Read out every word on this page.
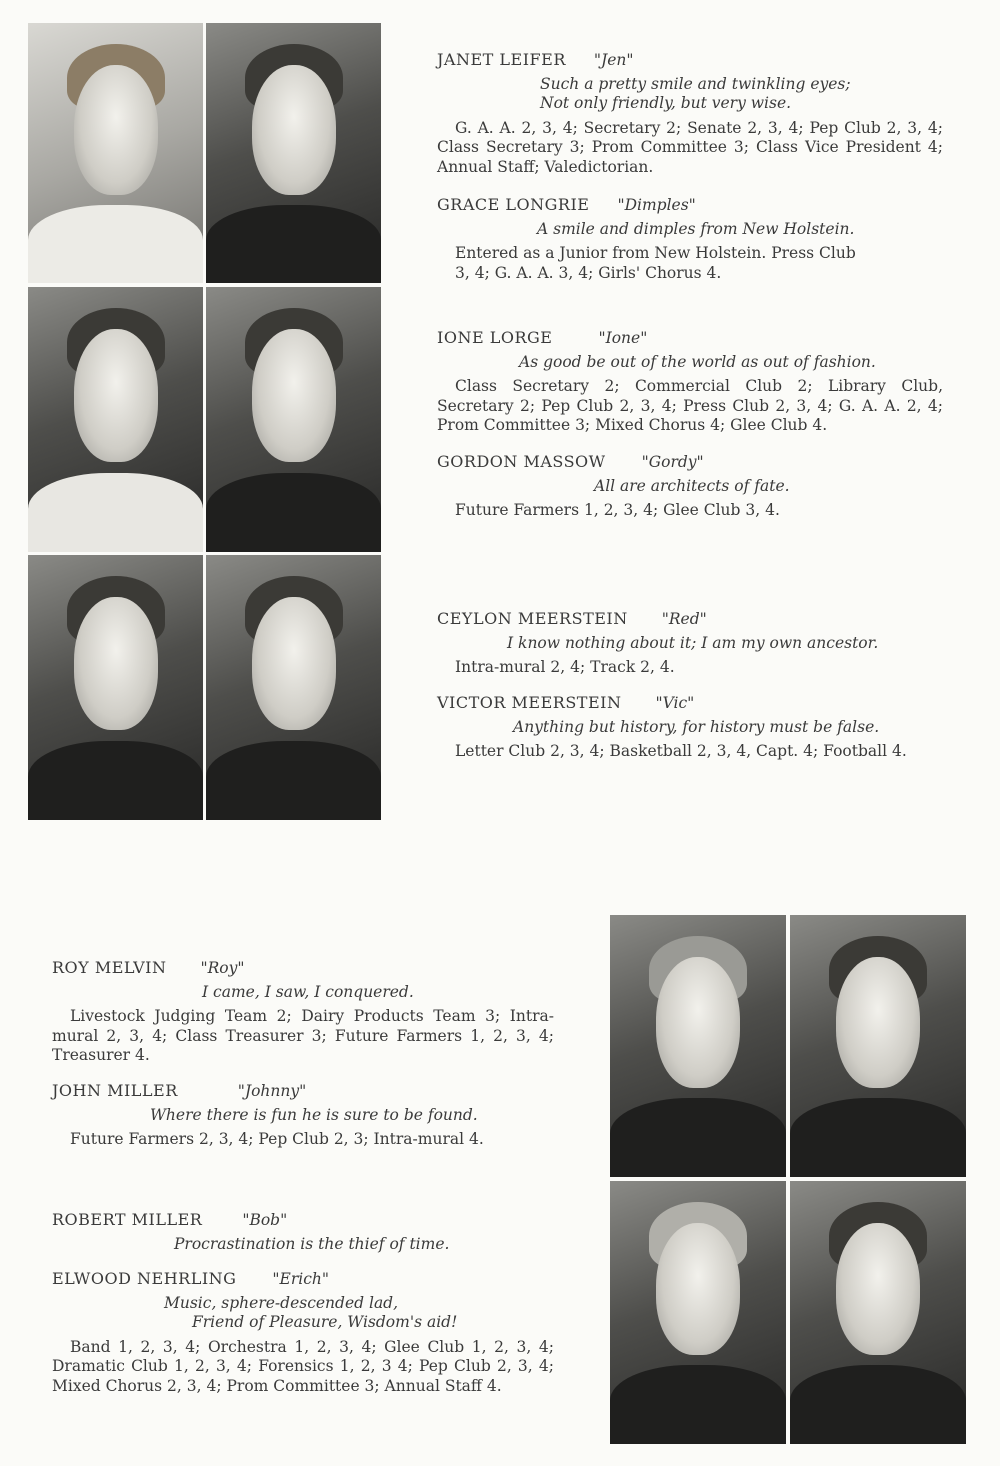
JANET LEIFER "Jen"
Such a pretty smile and twinkling eyes;
Not only friendly, but very wise.
G. A. A. 2, 3, 4; Secretary 2; Senate 2, 3, 4; Pep Club 2, 3, 4; Class Secretary 3; Prom Committee 3; Class Vice President 4; Annual Staff; Valedictorian.
GRACE LONGRIE "Dimples"
A smile and dimples from New Holstein.
Entered as a Junior from New Holstein. Press Club 3, 4; G. A. A. 3, 4; Girls' Chorus 4.
IONE LORGE	"Ione"
As good be out of the world as out of fashion.
Class Secretary 2; Commercial Club 2; Library Club, Secretary 2; Pep Club 2, 3, 4; Press Club 2, 3, 4; G. A. A. 2, 4; Prom Committee 3; Mixed Chorus 4; Glee Club 4.
GORDON MASSOW "Gordy"
All are architects of fate.
Future Farmers 1, 2, 3, 4; Glee Club 3, 4.
CEYLON MEERSTEIN "Red"
I know nothing about it; I am my own ancestor.
Intra-mural 2, 4; Track 2, 4.
VICTOR MEERSTEIN "Vic"
Anything but history, for history must be false.
Letter Club 2, 3, 4; Basketball 2, 3, 4, Capt. 4; Football 4.
ROY MELVIN "Roy"
I came, I saw, I conquered.
Livestock Judging Team 2; Dairy Products Team 3; Intra-mural 2, 3, 4; Class Treasurer 3; Future Farmers 1, 2, 3, 4; Treasurer 4.
JOHN MILLER	"Johnny"
Where there is fun he is sure to be found.
Future Farmers 2, 3, 4; Pep Club 2, 3; Intra-mural 4.
ROBERT MILLER	"Bob"
Procrastination is the thief of time.
ELWOOD NEHRLING "Erich"
Music, sphere-descended lad,
Friend of Pleasure, Wisdom's aid!
Band 1, 2, 3, 4; Orchestra 1, 2, 3, 4; Glee Club 1, 2, 3, 4; Dramatic Club 1, 2, 3, 4; Forensics 1, 2, 3 4; Pep Club 2, 3, 4; Mixed Chorus 2, 3, 4; Prom Committee 3; Annual Staff 4.
